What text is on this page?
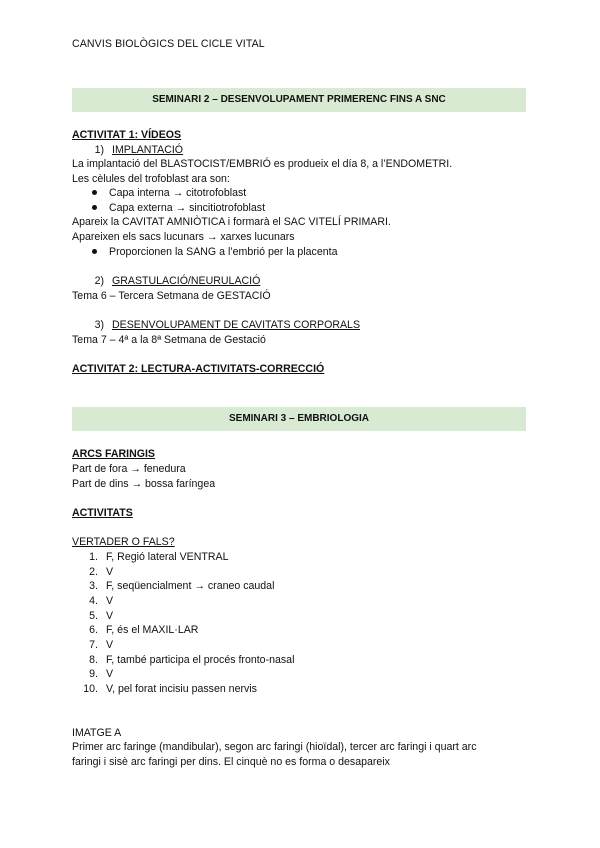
CANVIS BIOLÒGICS DEL CICLE VITAL
SEMINARI 2 – DESENVOLUPAMENT PRIMERENC FINS A SNC
ACTIVITAT 1: VÍDEOS
1) IMPLANTACIÓ
La implantació del BLASTOCIST/EMBRIÓ es produeix el día 8, a l’ENDOMETRI.
Les cèlules del trofoblast ara son:
Capa interna → citotrofoblast
Capa externa → sincitiotrofoblast
Apareix la CAVITAT AMNIÒTICA i formarà el SAC VITELÍ PRIMARI.
Apareixen els sacs lucunars → xarxes lucunars
Proporcionen la SANG a l’embrió per la placenta
2) GRASTULACIÓ/NEURULACIÓ
Tema 6 – Tercera Setmana de GESTACIÓ
3) DESENVOLUPAMENT DE CAVITATS CORPORALS
Tema 7 – 4ª a la 8ª Setmana de Gestació
ACTIVITAT 2: LECTURA-ACTIVITATS-CORRECCIÓ
SEMINARI 3 – EMBRIOLOGIA
ARCS FARINGIS
Part de fora → fenedura
Part de dins → bossa faríngea
ACTIVITATS
VERTADER O FALS?
1. F, Regió lateral VENTRAL
2. V
3. F, seqüencialment → craneo caudal
4. V
5. V
6. F, és el MAXIL·LAR
7. V
8. F, també participa el procés fronto-nasal
9. V
10. V, pel forat incisiu passen nervis
IMATGE A
Primer arc faringe (mandibular), segon arc faringi (hioïdal), tercer arc faringi i quart arc
faringi i sisè arc faringi per dins. El cinquè no es forma o desapareix
